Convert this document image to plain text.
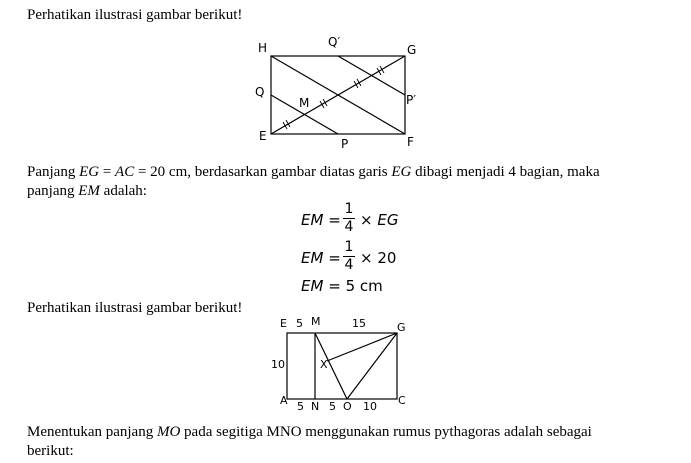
Perhatikan ilustrasi gambar berikut!
H	Q′
G
Q
M	P′
E
P	F
Panjang EG = AC = 20 cm, berdasarkan gambar diatas garis EG dibagi menjadi 4 bagian, maka
panjang EM adalah:
EM =
1
4 × EG
EM =
1
4 × 20
EM = 5 cm
Perhatikan ilustrasi gambar berikut!
E 5 M	15	G
10	X
A 5 N 5 O 10 C
Menentukan panjang MO pada segitiga MNO menggunakan rumus pythagoras adalah sebagai
berikut:
